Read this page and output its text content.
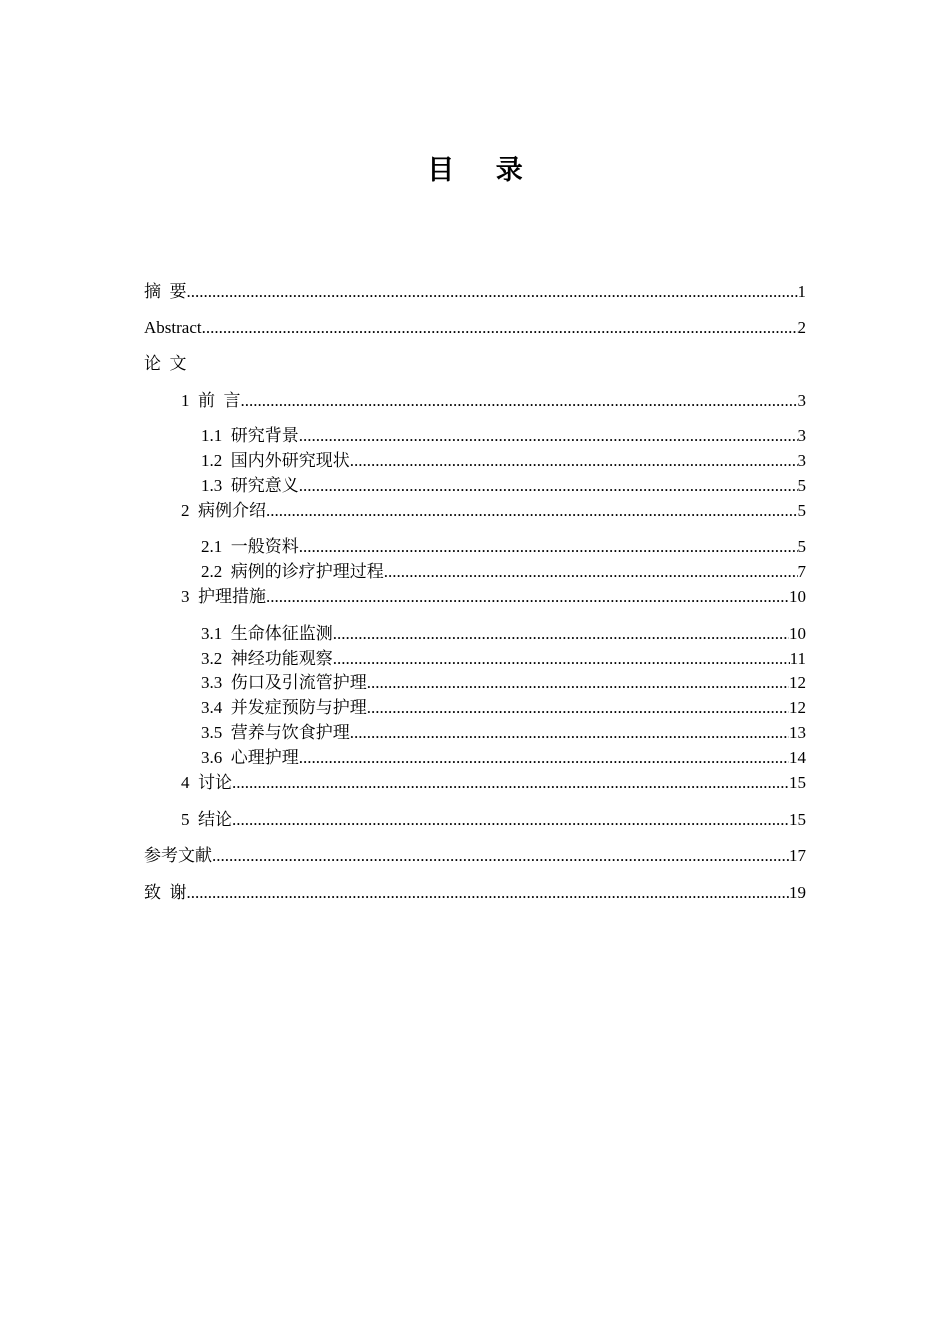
目 录
摘  要 .....	1
Abstract .....	2
论  文
1  前  言 .....	3
1.1  研究背景 .....	3
1.2  国内外研究现状 .....	3
1.3  研究意义 .....	5
2  病例介绍 .....	5
2.1  一般资料 .....	5
2.2  病例的诊疗护理过程 .....	7
3  护理措施 .....	10
3.1  生命体征监测 .....	10
3.2  神经功能观察 .....	11
3.3  伤口及引流管护理 .....	12
3.4  并发症预防与护理 .....	12
3.5  营养与饮食护理 .....	13
3.6  心理护理 .....	14
4  讨论 .....	15
5  结论 .....	15
参考文献 .....	17
致  谢 .....	19
